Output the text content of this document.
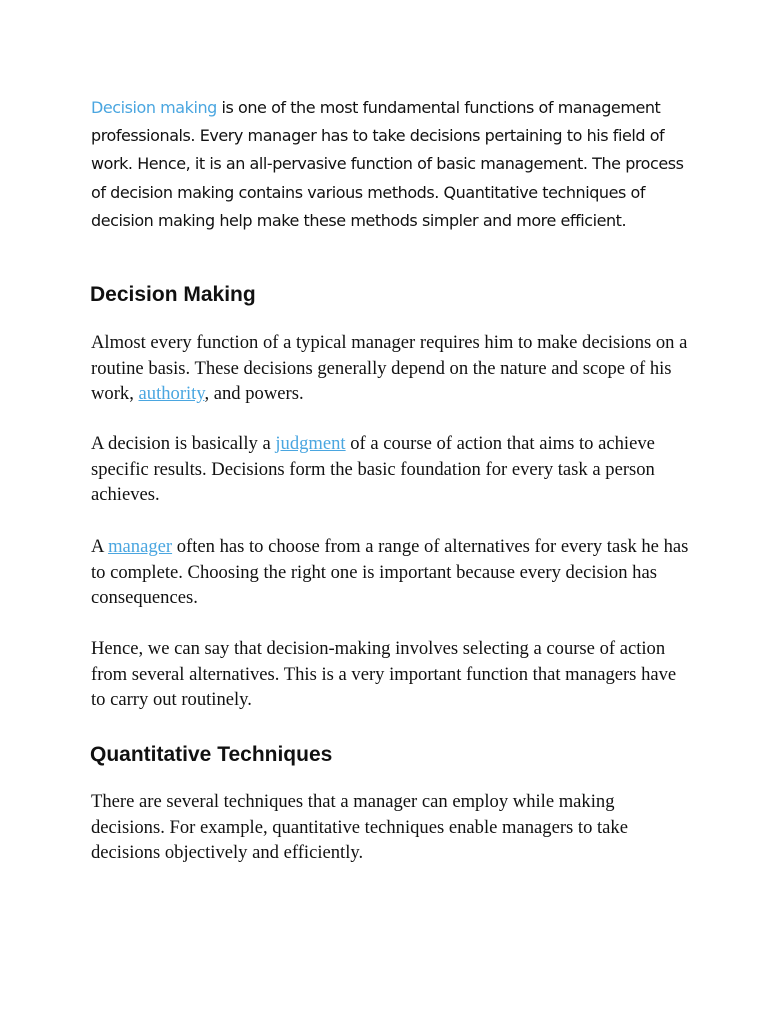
Decision making is one of the most fundamental functions of management professionals. Every manager has to take decisions pertaining to his field of work. Hence, it is an all-pervasive function of basic management. The process of decision making contains various methods. Quantitative techniques of decision making help make these methods simpler and more efficient.

Decision Making

Almost every function of a typical manager requires him to make decisions on a routine basis. These decisions generally depend on the nature and scope of his work, authority, and powers.

A decision is basically a judgment of a course of action that aims to achieve specific results. Decisions form the basic foundation for every task a person achieves.

A manager often has to choose from a range of alternatives for every task he has to complete. Choosing the right one is important because every decision has consequences.

Hence, we can say that decision-making involves selecting a course of action from several alternatives. This is a very important function that managers have to carry out routinely.

Quantitative Techniques

There are several techniques that a manager can employ while making decisions. For example, quantitative techniques enable managers to take decisions objectively and efficiently.
